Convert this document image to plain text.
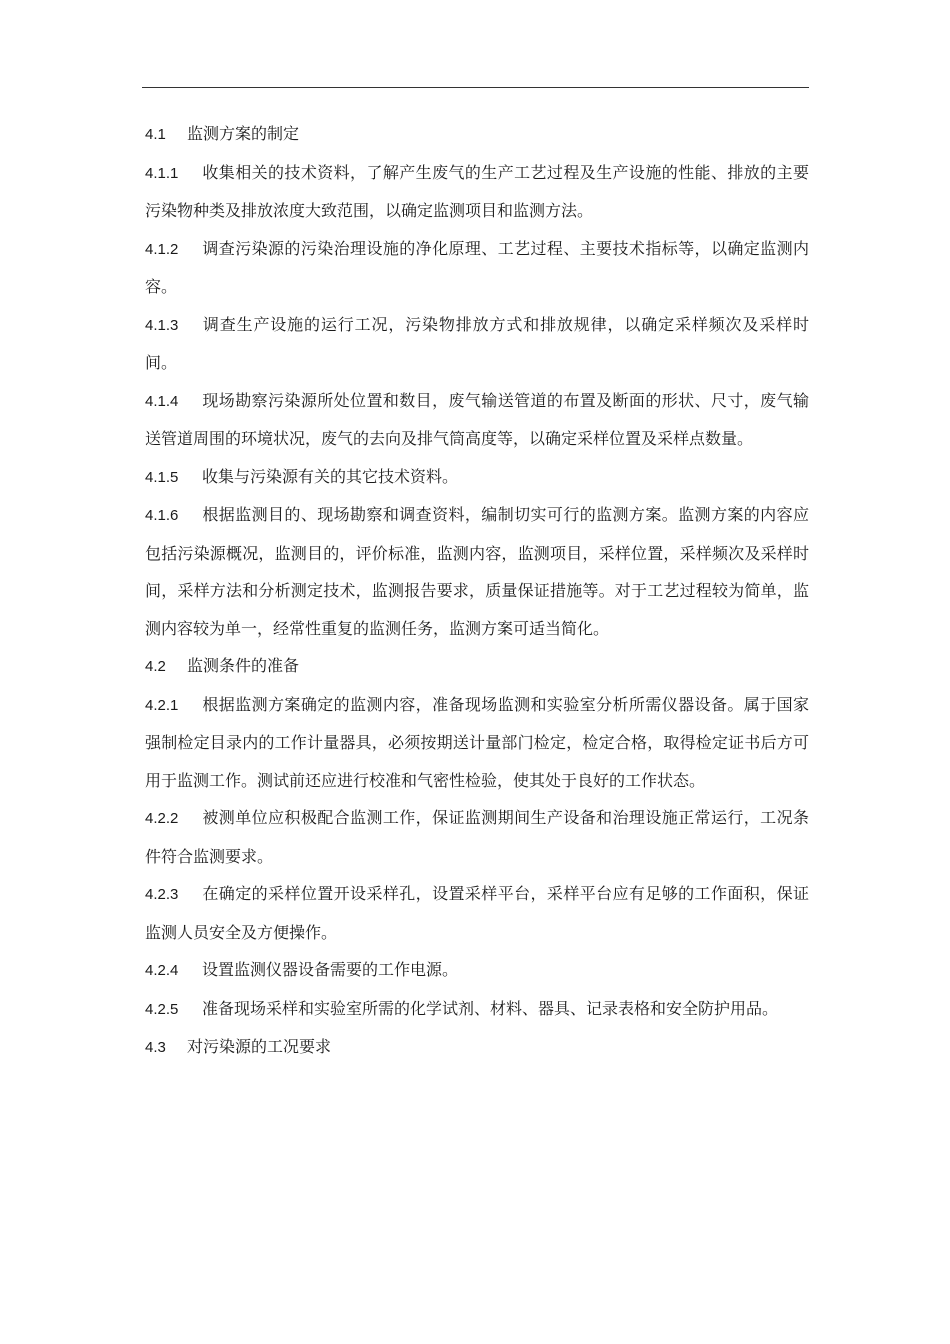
4.1 监测方案的制定

4.1.1 收集相关的技术资料，了解产生废气的生产工艺过程及生产设施的性能、排放的主要污染物种类及排放浓度大致范围，以确定监测项目和监测方法。

4.1.2 调查污染源的污染治理设施的净化原理、工艺过程、主要技术指标等，以确定监测内容。

4.1.3 调查生产设施的运行工况，污染物排放方式和排放规律，以确定采样频次及采样时间。

4.1.4 现场勘察污染源所处位置和数目，废气输送管道的布置及断面的形状、尺寸，废气输送管道周围的环境状况，废气的去向及排气筒高度等，以确定采样位置及采样点数量。

4.1.5 收集与污染源有关的其它技术资料。

4.1.6 根据监测目的、现场勘察和调查资料，编制切实可行的监测方案。监测方案的内容应包括污染源概况，监测目的，评价标准，监测内容，监测项目，采样位置，采样频次及采样时间，采样方法和分析测定技术，监测报告要求，质量保证措施等。对于工艺过程较为简单，监测内容较为单一，经常性重复的监测任务，监测方案可适当简化。

4.2 监测条件的准备

4.2.1 根据监测方案确定的监测内容，准备现场监测和实验室分析所需仪器设备。属于国家强制检定目录内的工作计量器具，必须按期送计量部门检定，检定合格，取得检定证书后方可用于监测工作。测试前还应进行校准和气密性检验，使其处于良好的工作状态。

4.2.2 被测单位应积极配合监测工作，保证监测期间生产设备和治理设施正常运行，工况条件符合监测要求。

4.2.3 在确定的采样位置开设采样孔，设置采样平台，采样平台应有足够的工作面积，保证监测人员安全及方便操作。

4.2.4 设置监测仪器设备需要的工作电源。

4.2.5 准备现场采样和实验室所需的化学试剂、材料、器具、记录表格和安全防护用品。

4.3 对污染源的工况要求
